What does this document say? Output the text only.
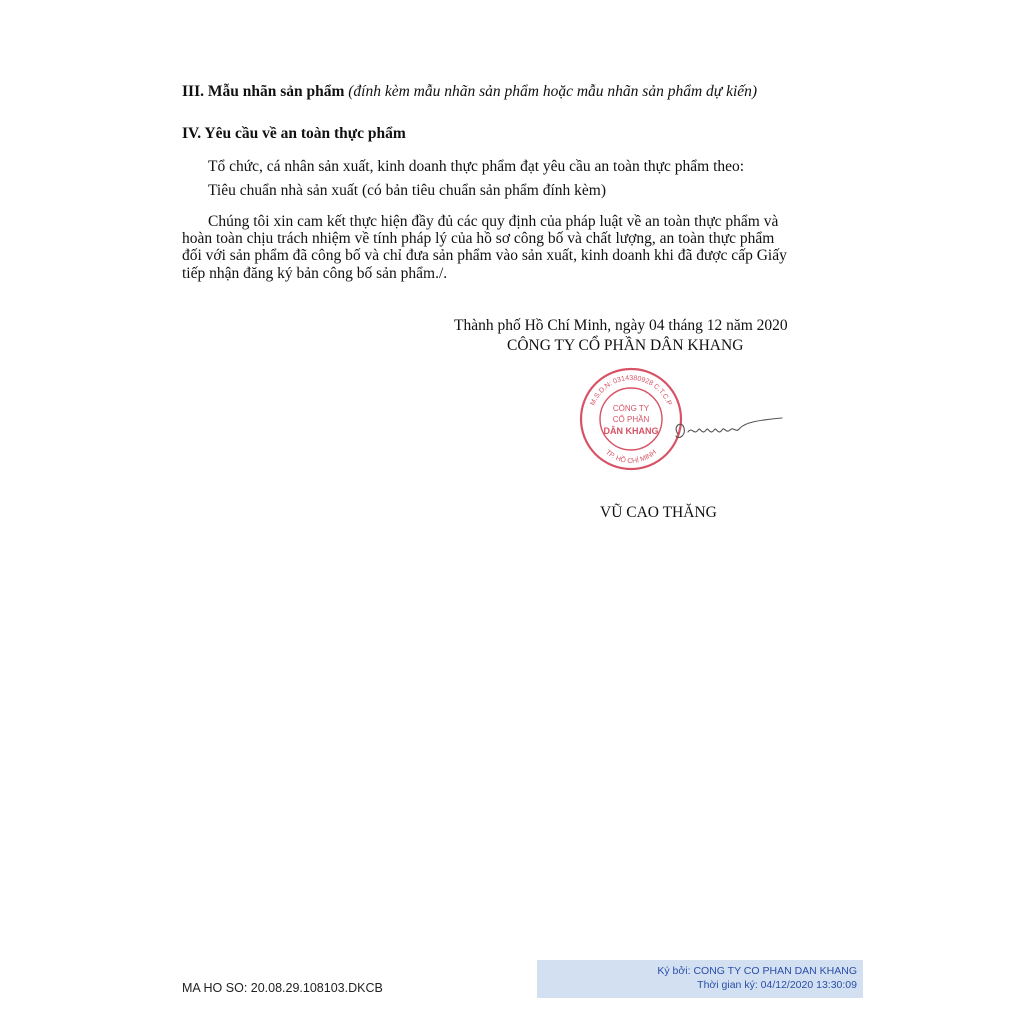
III. Mẫu nhãn sản phẩm (đính kèm mẫu nhãn sản phẩm hoặc mẫu nhãn sản phẩm dự kiến)
IV. Yêu cầu về an toàn thực phẩm
Tổ chức, cá nhân sản xuất, kinh doanh thực phẩm đạt yêu cầu an toàn thực phẩm theo:
Tiêu chuẩn nhà sản xuất (có bản tiêu chuẩn sản phẩm đính kèm)
Chúng tôi xin cam kết thực hiện đầy đủ các quy định của pháp luật về an toàn thực phẩm và
hoàn toàn chịu trách nhiệm về tính pháp lý của hồ sơ công bố và chất lượng, an toàn thực phẩm
đối với sản phẩm đã công bố và chỉ đưa sản phẩm vào sản xuất, kinh doanh khi đã được cấp Giấy
tiếp nhận đăng ký bản công bố sản phẩm./.
Thành phố Hồ Chí Minh, ngày 04 tháng 12 năm 2020
CÔNG TY CỔ PHẦN DÂN KHANG
M.S.D.N: 0314380928 C.T.C.P
TP. HỒ CHÍ MINH
CÔNG TY
CỔ PHẦN
DÂN KHANG
VŨ CAO THĂNG
MA HO SO: 20.08.29.108103.DKCB
Ký bởi: CONG TY CO PHAN DAN KHANG
Thời gian ký: 04/12/2020 13:30:09
